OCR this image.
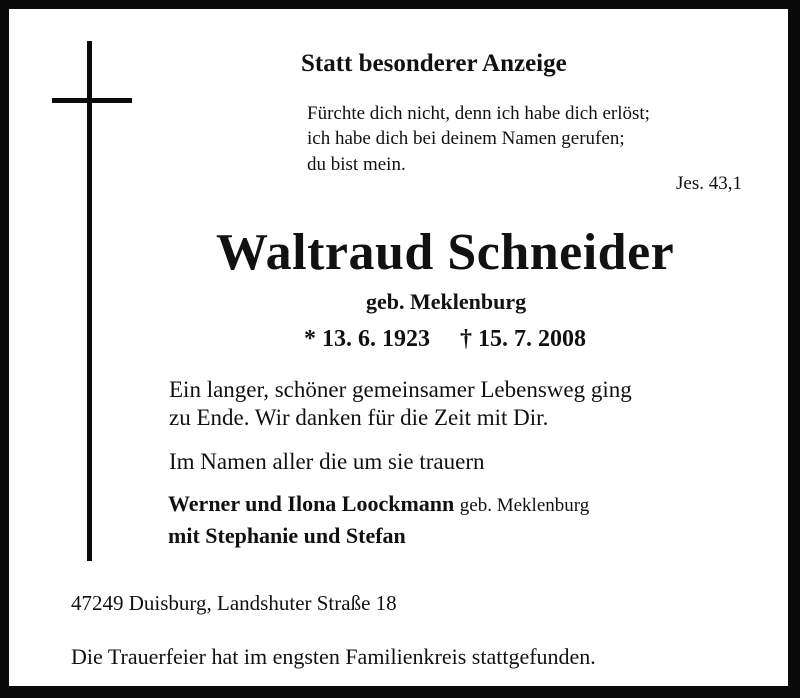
Statt besonderer Anzeige
Fürchte dich nicht, denn ich habe dich erlöst;
ich habe dich bei deinem Namen gerufen;
du bist mein.
Jes. 43,1
Waltraud Schneider
geb. Meklenburg
* 13. 6. 1923 † 15. 7. 2008
Ein langer, schöner gemeinsamer Lebensweg ging
zu Ende. Wir danken für die Zeit mit Dir.
Im Namen aller die um sie trauern
Werner und Ilona Loockmann geb. Meklenburg
mit Stephanie und Stefan
47249 Duisburg, Landshuter Straße 18
Die Trauerfeier hat im engsten Familienkreis stattgefunden.
